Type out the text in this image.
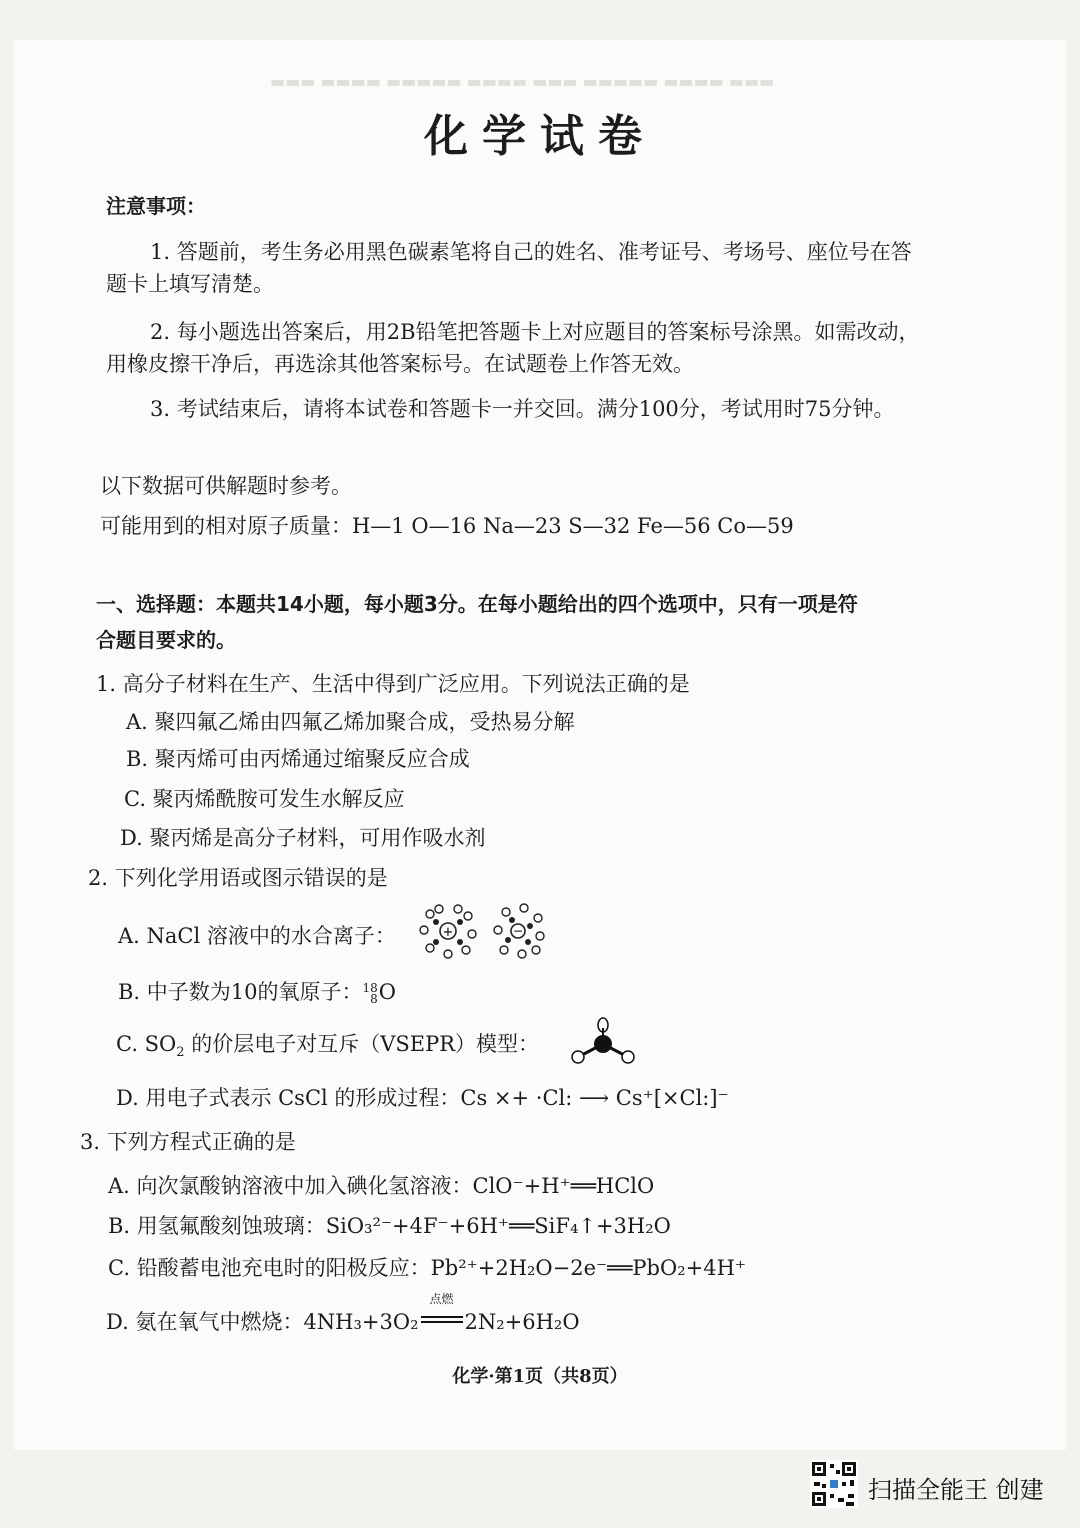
▬▬▬ ▬▬▬▬ ▬▬▬▬▬ ▬▬▬▬ ▬▬▬ ▬▬▬▬▬ ▬▬▬▬ ▬▬▬
化学试卷
注意事项：
1. 答题前，考生务必用黑色碳素笔将自己的姓名、准考证号、考场号、座位号在答
题卡上填写清楚。
2. 每小题选出答案后，用2B铅笔把答题卡上对应题目的答案标号涂黑。如需改动，
用橡皮擦干净后，再选涂其他答案标号。在试题卷上作答无效。
3. 考试结束后，请将本试卷和答题卡一并交回。满分100分，考试用时75分钟。
以下数据可供解题时参考。
可能用到的相对原子质量：H—1 O—16 Na—23 S—32 Fe—56 Co—59
一、选择题：本题共14小题，每小题3分。在每小题给出的四个选项中，只有一项是符
合题目要求的。
1. 高分子材料在生产、生活中得到广泛应用。下列说法正确的是
A. 聚四氟乙烯由四氟乙烯加聚合成，受热易分解
B. 聚丙烯可由丙烯通过缩聚反应合成
C. 聚丙烯酰胺可发生水解反应
D. 聚丙烯是高分子材料，可用作吸水剂
2. 下列化学用语或图示错误的是
A. NaCl 溶液中的水合离子：	+	−
B. 中子数为10的氧原子：18
8O
C. $SO_2$ 的价层电子对互斥（VSEPR）模型：
D. 用电子式表示 CsCl 的形成过程：Cs ×+ ·Cl: ⟶ Cs⁺[×Cl:]⁻
3. 下列方程式正确的是
A. 向次氯酸钠溶液中加入碘化氢溶液：ClO⁻+H⁺══HClO
B. 用氢氟酸刻蚀玻璃：SiO₃²⁻+4F⁻+6H⁺══SiF₄↑+3H₂O
C. 铅酸蓄电池充电时的阳极反应：Pb²⁺+2H₂O−2e⁻══PbO₂+4H⁺
D. 氨在氧气中燃烧：4NH₃+3O₂
点燃
2N₂+6H₂O
化学·第1页（共8页）
扫描全能王 创建
